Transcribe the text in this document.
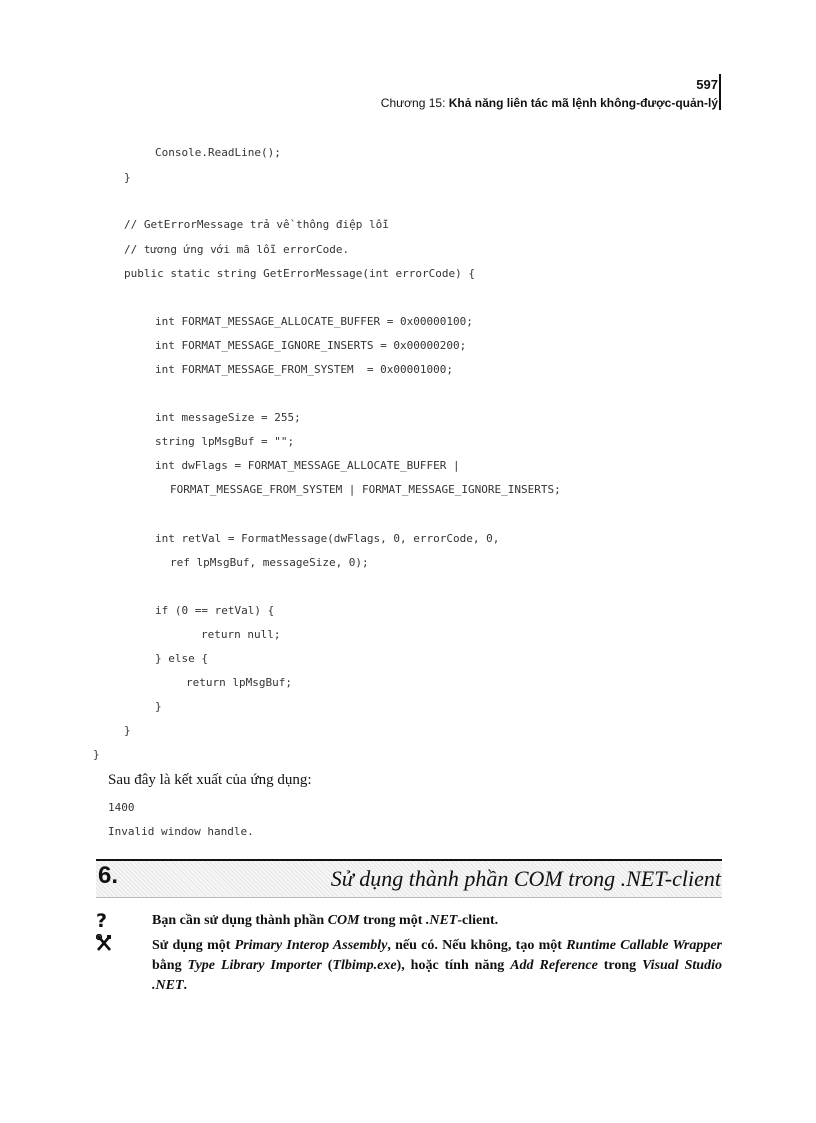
597
Chương 15: Khả năng liên tác mã lệnh không-được-quản-lý

Console.ReadLine();

}

// GetErrorMessage trả về thông điệp lỗi

// tương ứng với mã lỗi errorCode.

public static string GetErrorMessage(int errorCode) {

int FORMAT_MESSAGE_ALLOCATE_BUFFER = 0x00000100;

int FORMAT_MESSAGE_IGNORE_INSERTS = 0x00000200;

int FORMAT_MESSAGE_FROM_SYSTEM  = 0x00001000;

int messageSize = 255;

string lpMsgBuf = "";

int dwFlags = FORMAT_MESSAGE_ALLOCATE_BUFFER |

FORMAT_MESSAGE_FROM_SYSTEM | FORMAT_MESSAGE_IGNORE_INSERTS;

int retVal = FormatMessage(dwFlags, 0, errorCode, 0,

ref lpMsgBuf, messageSize, 0);

if (0 == retVal) {

return null;

} else {

return lpMsgBuf;

}

}

}

Sau đây là kết xuất của ứng dụng:
1400
Invalid window handle.
6.	Sử dụng thành phần COM trong .NET-client
?	Bạn cần sử dụng thành phần COM trong một .NET-client.
Sử dụng một Primary Interop Assembly, nếu có. Nếu không, tạo một Runtime Callable Wrapper bằng Type Library Importer (Tlbimp.exe), hoặc tính năng Add Reference trong Visual Studio .NET.
